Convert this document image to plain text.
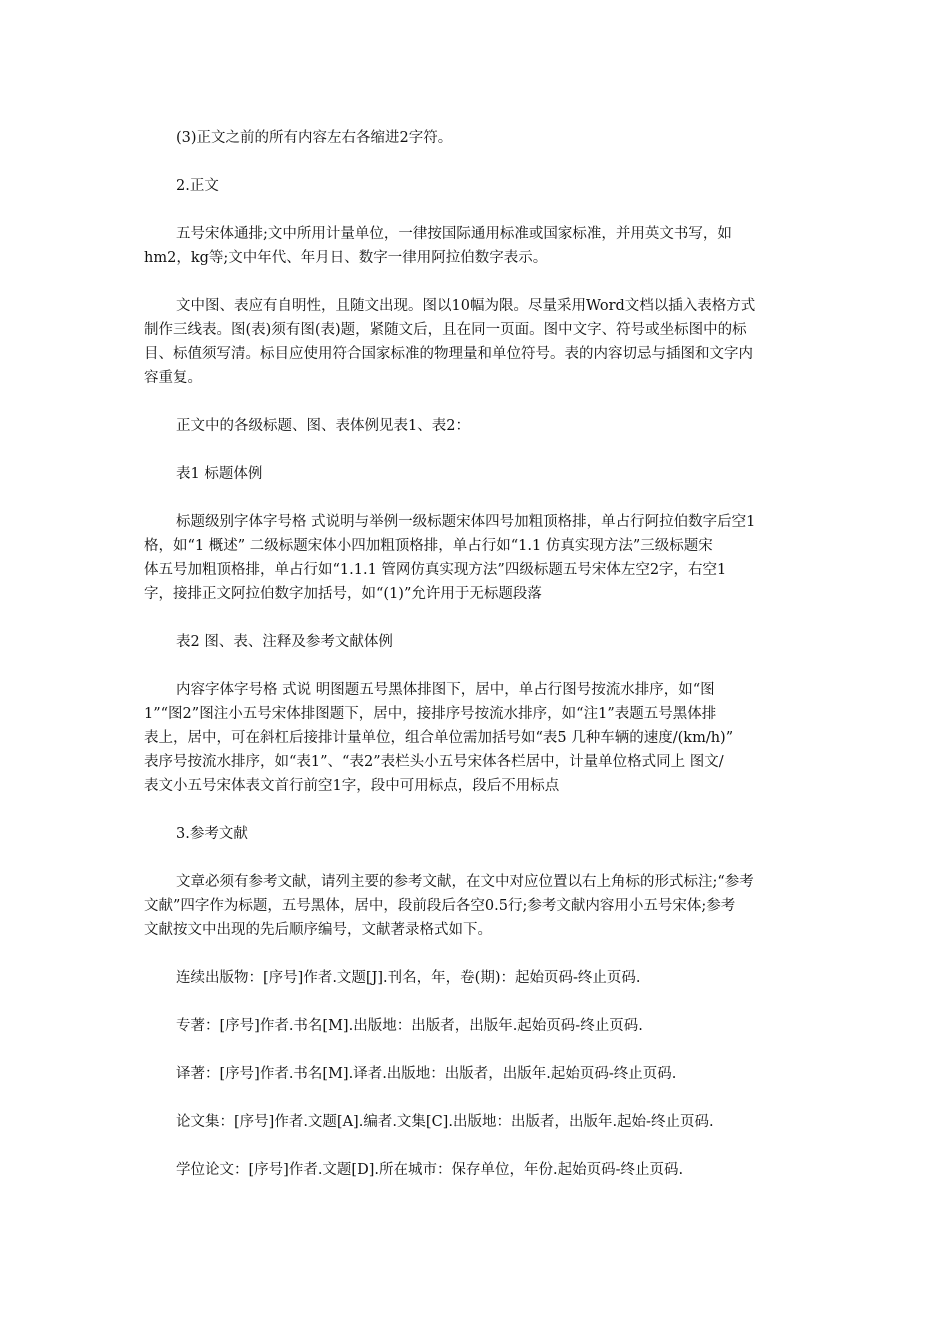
(3)正文之前的所有内容左右各缩进2字符。

2.正文

五号宋体通排;文中所用计量单位，一律按国际通用标准或国家标准，并用英文书写，如
hm2，kg等;文中年代、年月日、数字一律用阿拉伯数字表示。
文中图、表应有自明性，且随文出现。图以10幅为限。尽量采用Word文档以插入表格方式
制作三线表。图(表)须有图(表)题，紧随文后，且在同一页面。图中文字、符号或坐标图中的标
目、标值须写清。标目应使用符合国家标准的物理量和单位符号。表的内容切忌与插图和文字内
容重复。

正文中的各级标题、图、表体例见表1、表2：

表1 标题体例

标题级别字体字号格 式说明与举例一级标题宋体四号加粗顶格排，单占行阿拉伯数字后空1
格，如“1 概述” 二级标题宋体小四加粗顶格排，单占行如“1.1 仿真实现方法”三级标题宋
体五号加粗顶格排，单占行如“1.1.1 管网仿真实现方法”四级标题五号宋体左空2字，右空1
字，接排正文阿拉伯数字加括号，如“(1)”允许用于无标题段落

表2 图、表、注释及参考文献体例

内容字体字号格 式说 明图题五号黑体排图下，居中，单占行图号按流水排序，如“图
1”“图2”图注小五号宋体排图题下，居中，接排序号按流水排序，如“注1”表题五号黑体排
表上，居中，可在斜杠后接排计量单位，组合单位需加括号如“表5 几种车辆的速度/(km/h)”
表序号按流水排序，如“表1”、“表2”表栏头小五号宋体各栏居中，计量单位格式同上 图文/
表文小五号宋体表文首行前空1字，段中可用标点，段后不用标点

3.参考文献

文章必须有参考文献，请列主要的参考文献，在文中对应位置以右上角标的形式标注;“参考
文献”四字作为标题，五号黑体，居中，段前段后各空0.5行;参考文献内容用小五号宋体;参考
文献按文中出现的先后顺序编号，文献著录格式如下。

连续出版物：[序号]作者.文题[J].刊名，年，卷(期)：起始页码-终止页码.

专著：[序号]作者.书名[M].出版地：出版者，出版年.起始页码-终止页码.

译著：[序号]作者.书名[M].译者.出版地：出版者，出版年.起始页码-终止页码.

论文集：[序号]作者.文题[A].编者.文集[C].出版地：出版者，出版年.起始-终止页码.

学位论文：[序号]作者.文题[D].所在城市：保存单位，年份.起始页码-终止页码.
